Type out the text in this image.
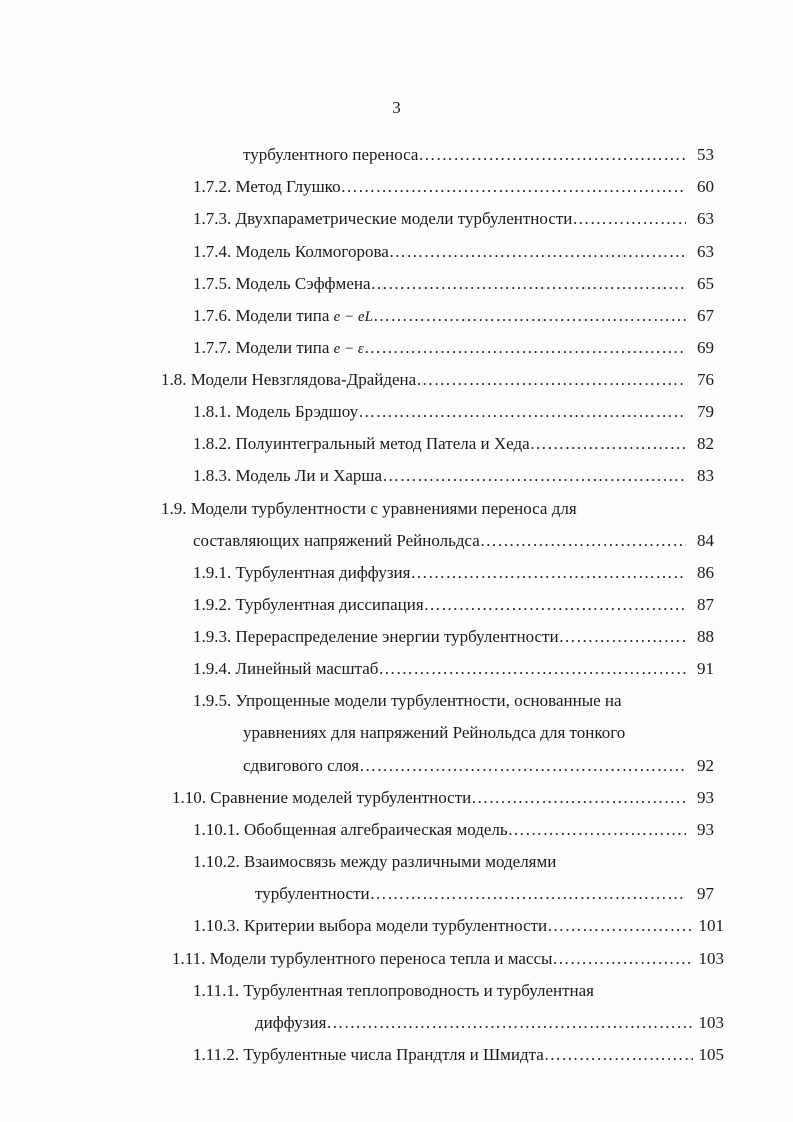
3
турбулентного переноса ……………………………………………………………………………………………………………………………………………	53
1.7.2. Метод Глушко ……………………………………………………………………………………………………………………………………………	60
1.7.3. Двухпараметрические модели турбулентности ……………………………………………………………………………………………………………………………………………	63
1.7.4. Модель Колмогорова ……………………………………………………………………………………………………………………………………………	63
1.7.5. Модель Сэффмена ……………………………………………………………………………………………………………………………………………	65
1.7.6. Модели типа e − eL ……………………………………………………………………………………………………………………………………………	67
1.7.7. Модели типа e − ε ……………………………………………………………………………………………………………………………………………	69
1.8. Модели Невзглядова-Драйдена ……………………………………………………………………………………………………………………………………………	76
1.8.1. Модель Брэдшоу ……………………………………………………………………………………………………………………………………………	79
1.8.2. Полуинтегральный метод Патела и Хеда ……………………………………………………………………………………………………………………………………………	82
1.8.3. Модель Ли и Харша ……………………………………………………………………………………………………………………………………………	83
1.9. Модели турбулентности с уравнениями переноса для
составляющих напряжений Рейнольдса ……………………………………………………………………………………………………………………………………………	84
1.9.1. Турбулентная диффузия ……………………………………………………………………………………………………………………………………………	86
1.9.2. Турбулентная диссипация ……………………………………………………………………………………………………………………………………………	87
1.9.3. Перераспределение энергии турбулентности ……………………………………………………………………………………………………………………………………………	88
1.9.4. Линейный масштаб ……………………………………………………………………………………………………………………………………………	91
1.9.5. Упрощенные модели турбулентности, основанные на
уравнениях для напряжений Рейнольдса для тонкого
сдвигового слоя ……………………………………………………………………………………………………………………………………………	92
1.10. Сравнение моделей турбулентности ……………………………………………………………………………………………………………………………………………	93
1.10.1. Обобщенная алгебраическая модель ……………………………………………………………………………………………………………………………………………	93
1.10.2. Взаимосвязь между различными моделями
турбулентности ……………………………………………………………………………………………………………………………………………	97
1.10.3. Критерии выбора модели турбулентности ……………………………………………………………………………………………………………………………………………	101
1.11. Модели турбулентного переноса тепла и массы ……………………………………………………………………………………………………………………………………………	103
1.11.1. Турбулентная теплопроводность и турбулентная
диффузия ……………………………………………………………………………………………………………………………………………	103
1.11.2. Турбулентные числа Прандтля и Шмидта ……………………………………………………………………………………………………………………………………………	105
